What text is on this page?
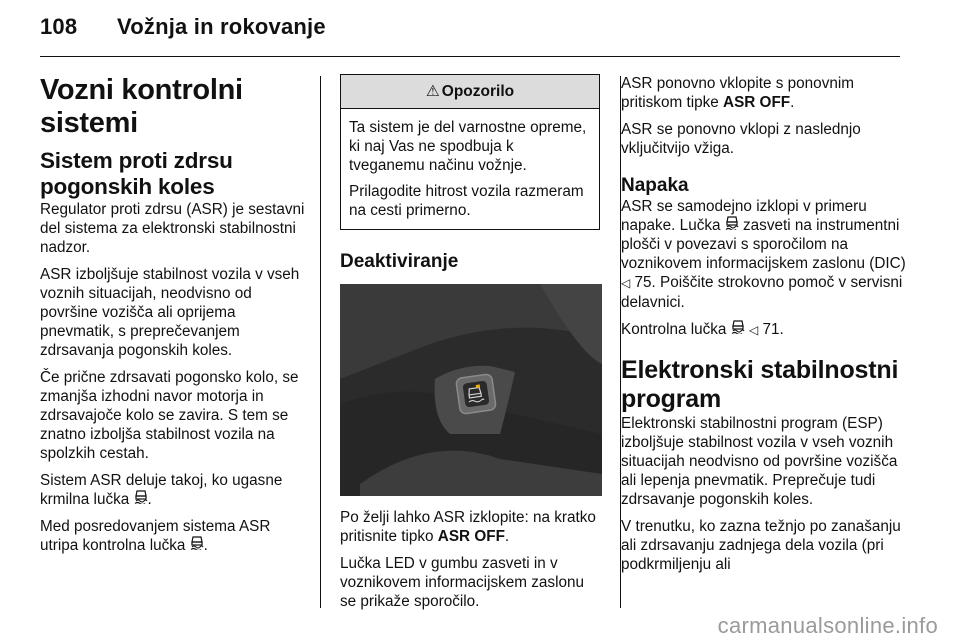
108 Vožnja in rokovanje
Vozni kontrolni sistemi
Sistem proti zdrsu pogonskih koles

Regulator proti zdrsu (ASR) je sestavni del sistema za elektronski stabilnostni nadzor.

ASR izboljšuje stabilnost vozila v vseh voznih situacijah, neodvisno od površine vozišča ali oprijema pnevmatik, s preprečevanjem zdrsavanja pogonskih koles.

Če prične zdrsavati pogonsko kolo, se zmanjša izhodni navor motorja in zdrsavajoče kolo se zavira. S tem se znatno izboljša stabilnost vozila na spolzkih cestah.

Sistem ASR deluje takoj, ko ugasne krmilna lučka .

Med posredovanjem sistema ASR utripa kontrolna lučka .

⚠ Opozorilo

Ta sistem je del varnostne opreme, ki naj Vas ne spodbuja k tveganemu načinu vožnje.

Prilagodite hitrost vozila razmeram na cesti primerno.

Deaktiviranje

Po želji lahko ASR izklopite: na kratko pritisnite tipko ASR OFF.

Lučka LED v gumbu zasveti in v voznikovem informacijskem zaslonu se prikaže sporočilo.

ASR ponovno vklopite s ponovnim pritiskom tipke ASR OFF.

ASR se ponovno vklopi z naslednjo vključitvijo vžiga.

Napaka

ASR se samodejno izklopi v primeru napake. Lučka zasveti na instrumentni plošči v povezavi s sporočilom na voznikovem informacijskem zaslonu (DIC) ◁ 75. Poiščite strokovno pomoč v servisni delavnici.

Kontrolna lučka ◁ 71.

Elektronski stabilnostni program

Elektronski stabilnostni program (ESP) izboljšuje stabilnost vozila v vseh voznih situacijah neodvisno od površine vozišča ali lepenja pnevmatik. Preprečuje tudi zdrsavanje pogonskih koles.

V trenutku, ko zazna težnjo po zanašanju ali zdrsavanju zadnjega dela vozila (pri podkrmiljenju ali

carmanualsonline.info
